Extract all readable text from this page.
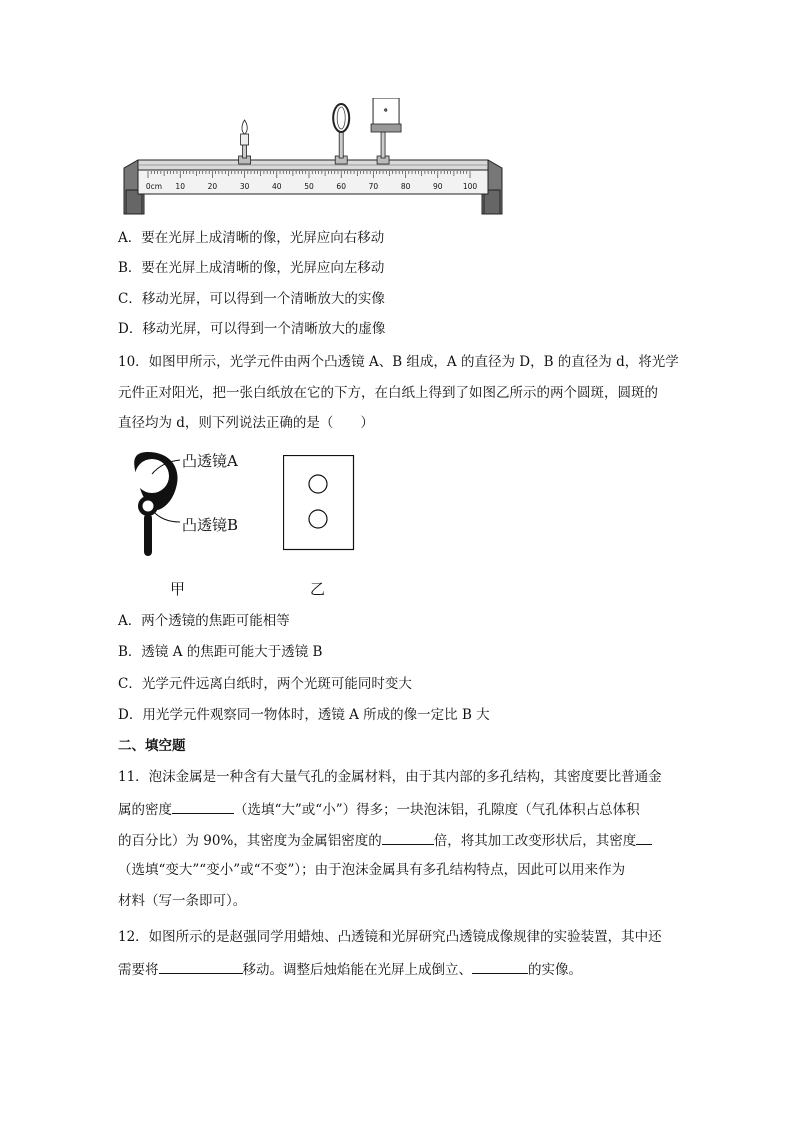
0cm 10	20	30	40	50	60	70	80	90	100
A．要在光屏上成清晰的像，光屏应向右移动
B．要在光屏上成清晰的像，光屏应向左移动
C．移动光屏，可以得到一个清晰放大的实像
D．移动光屏，可以得到一个清晰放大的虚像
10．如图甲所示，光学元件由两个凸透镜 A、B 组成，A 的直径为 D，B 的直径为 d，将光学
元件正对阳光，把一张白纸放在它的下方，在白纸上得到了如图乙所示的两个圆斑，圆斑的
直径均为 d，则下列说法正确的是（　　）
凸透镜A
凸透镜B
甲	乙
A．两个透镜的焦距可能相等
B．透镜 A 的焦距可能大于透镜 B
C．光学元件远离白纸时，两个光斑可能同时变大
D．用光学元件观察同一物体时，透镜 A 所成的像一定比 B 大
二、填空题
11．泡沫金属是一种含有大量气孔的金属材料，由于其内部的多孔结构，其密度要比普通金
属的密度	（选填“大”或“小”）得多；一块泡沫铝，孔隙度（气孔体积占总体积
的百分比）为 90%，其密度为金属铝密度的	倍，将其加工改变形状后，其密度
（选填“变大”“变小”或“不变”）；由于泡沫金属具有多孔结构特点，因此可以用来作为
材料（写一条即可）。
12．如图所示的是赵强同学用蜡烛、凸透镜和光屏研究凸透镜成像规律的实验装置，其中还
需要将	移动。调整后烛焰能在光屏上成倒立、	的实像。
